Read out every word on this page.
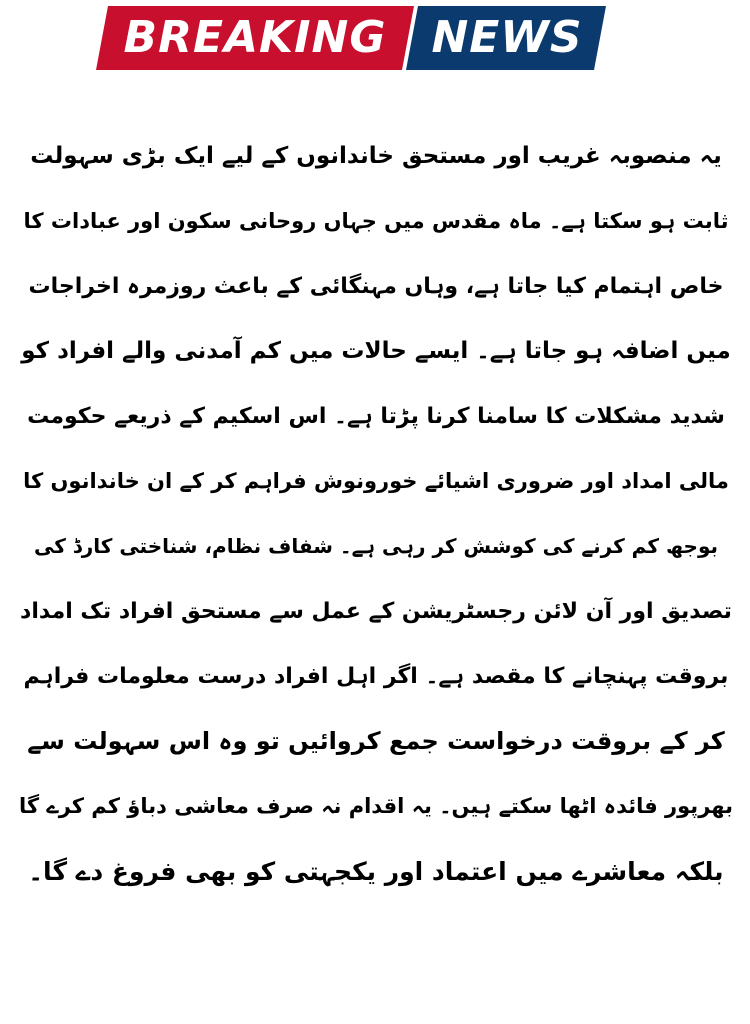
BREAKING	NEWS
یہ منصوبہ غریب اور مستحق خاندانوں کے لیے ایک بڑی سہولت
ثابت ہو سکتا ہے۔ ماہ مقدس میں جہاں روحانی سکون اور عبادات کا
خاص اہتمام کیا جاتا ہے، وہاں مہنگائی کے باعث روزمرہ اخراجات
میں اضافہ ہو جاتا ہے۔ ایسے حالات میں کم آمدنی والے افراد کو
شدید مشکلات کا سامنا کرنا پڑتا ہے۔ اس اسکیم کے ذریعے حکومت
مالی امداد اور ضروری اشیائے خورونوش فراہم کر کے ان خاندانوں کا
بوجھ کم کرنے کی کوشش کر رہی ہے۔ شفاف نظام، شناختی کارڈ کی
تصدیق اور آن لائن رجسٹریشن کے عمل سے مستحق افراد تک امداد
بروقت پہنچانے کا مقصد ہے۔ اگر اہل افراد درست معلومات فراہم
کر کے بروقت درخواست جمع کروائیں تو وہ اس سہولت سے
بھرپور فائدہ اٹھا سکتے ہیں۔ یہ اقدام نہ صرف معاشی دباؤ کم کرے گا
بلکہ معاشرے میں اعتماد اور یکجہتی کو بھی فروغ دے گا۔
